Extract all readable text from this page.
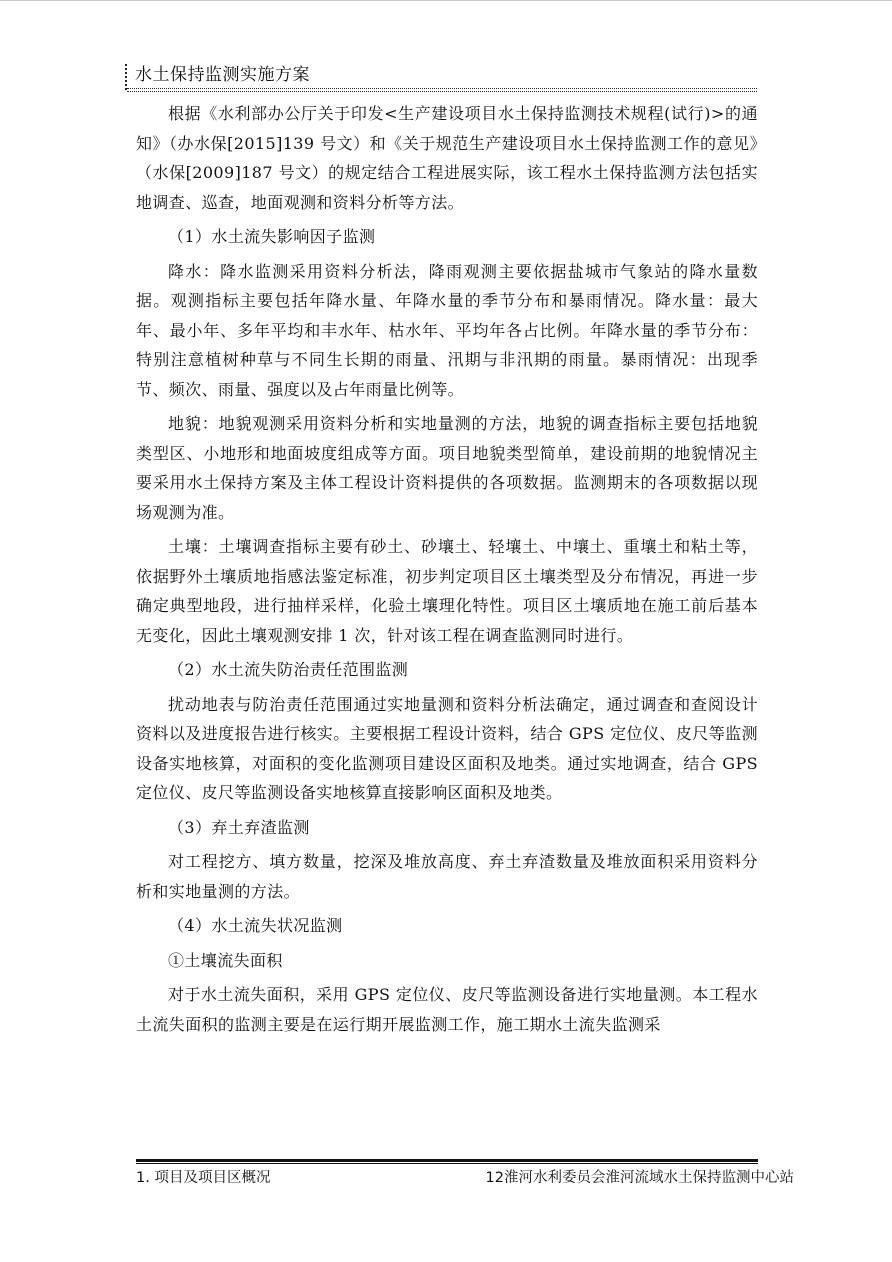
水土保持监测实施方案

根据《水利部办公厅关于印发<生产建设项目水土保持监测技术规程(试行)>的通知》（办水保[2015]139 号文）和《关于规范生产建设项目水土保持监测工作的意见》（水保[2009]187 号文）的规定结合工程进展实际，该工程水土保持监测方法包括实地调查、巡查，地面观测和资料分析等方法。

（1）水土流失影响因子监测

降水：降水监测采用资料分析法，降雨观测主要依据盐城市气象站的降水量数据。观测指标主要包括年降水量、年降水量的季节分布和暴雨情况。降水量：最大年、最小年、多年平均和丰水年、枯水年、平均年各占比例。年降水量的季节分布：特别注意植树种草与不同生长期的雨量、汛期与非汛期的雨量。暴雨情况：出现季节、频次、雨量、强度以及占年雨量比例等。

地貌：地貌观测采用资料分析和实地量测的方法，地貌的调查指标主要包括地貌类型区、小地形和地面坡度组成等方面。项目地貌类型简单，建设前期的地貌情况主要采用水土保持方案及主体工程设计资料提供的各项数据。监测期末的各项数据以现场观测为准。

土壤：土壤调查指标主要有砂土、砂壤土、轻壤土、中壤土、重壤土和粘土等，依据野外土壤质地指感法鉴定标准，初步判定项目区土壤类型及分布情况，再进一步确定典型地段，进行抽样采样，化验土壤理化特性。项目区土壤质地在施工前后基本无变化，因此土壤观测安排 1 次，针对该工程在调查监测同时进行。

（2）水土流失防治责任范围监测

扰动地表与防治责任范围通过实地量测和资料分析法确定，通过调查和查阅设计资料以及进度报告进行核实。主要根据工程设计资料，结合 GPS 定位仪、皮尺等监测设备实地核算，对面积的变化监测项目建设区面积及地类。通过实地调查，结合 GPS 定位仪、皮尺等监测设备实地核算直接影响区面积及地类。

（3）弃土弃渣监测

对工程挖方、填方数量，挖深及堆放高度、弃土弃渣数量及堆放面积采用资料分析和实地量测的方法。

（4）水土流失状况监测

①土壤流失面积

对于水土流失面积，采用 GPS 定位仪、皮尺等监测设备进行实地量测。本工程水土流失面积的监测主要是在运行期开展监测工作，施工期水土流失监测采

1. 项目及项目区概况	12淮河水利委员会淮河流域水土保持监测中心站
